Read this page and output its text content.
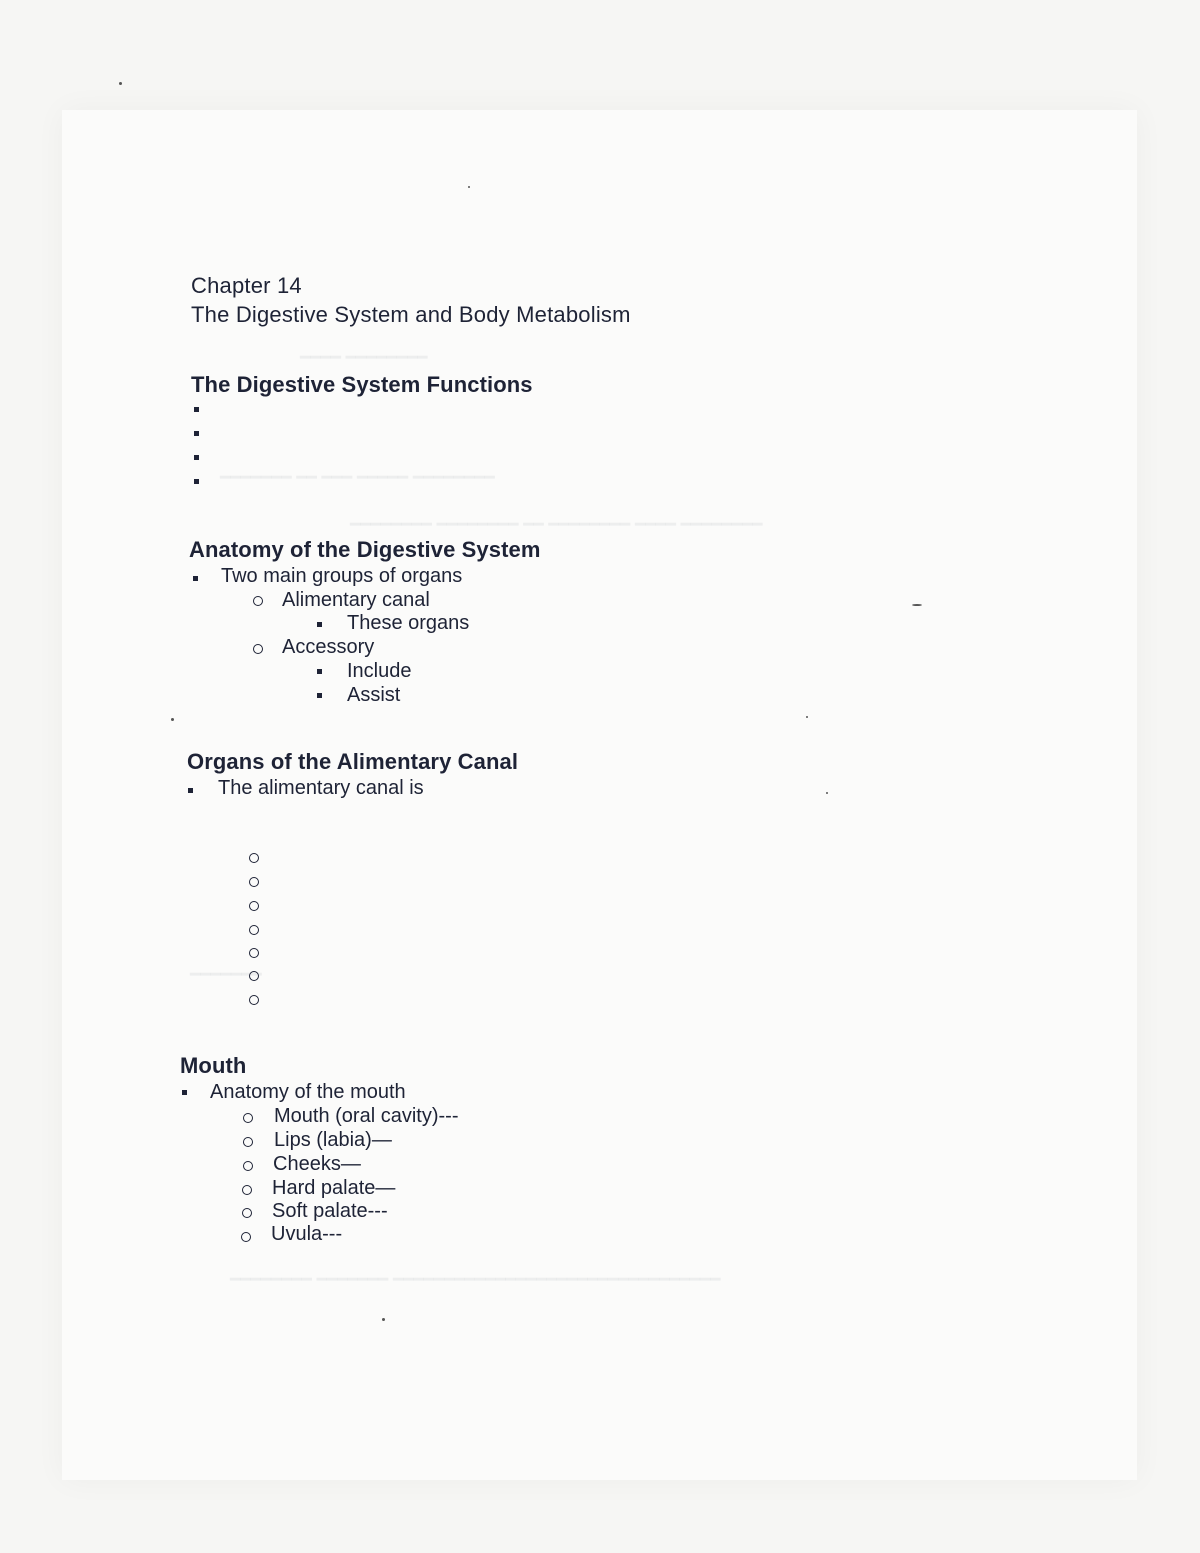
━━━━ ━━━━━━━━
━━━━━━━ ━━ ━━━ ━━━━━ ━━━━━━━━
━━━━━━━━ ━━━━━━━━ ━━ ━━━━━━━━ ━━━━ ━━━━━━━━
━━━━━━━
━━━━━━━━ ━━━━━━━ ━━━━━━━━━━━━━━━━━━━━━━━━━━━━━━━━
Chapter 14
The Digestive System and Body Metabolism
The Digestive System Functions
Anatomy of the Digestive System
Two main groups of organs
Alimentary canal
These organs
Accessory
Include
Assist
Organs of the Alimentary Canal
The alimentary canal is
Mouth
Anatomy of the mouth
Mouth (oral cavity)---
Lips (labia)—
Cheeks—
Hard palate—
Soft palate---
Uvula---
